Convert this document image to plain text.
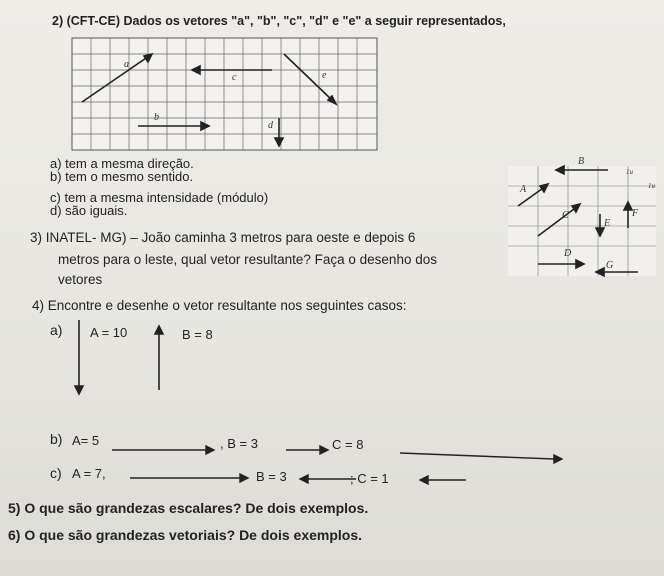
2) (CFT-CE) Dados os vetores "a", "b", "c", "d" e "e" a seguir representados,
a
c	e
b
d
a) tem a mesma direção.
b) tem o mesmo sentido.
c) tem a mesma intensidade (módulo)
d) são iguais.
B
A
C
E
D
F
G
1u
1u
3) INATEL- MG) – João caminha 3 metros para oeste e depois 6
metros para o leste, qual vetor resultante? Faça o desenho dos
vetores
4) Encontre e desenhe o vetor resultante nos seguintes casos:
a) A = 10	B = 8
b) A= 5	, B = 3	C = 8
c) A = 7,	B = 3	; C = 1
5) O que são grandezas escalares? De dois exemplos.
6) O que são grandezas vetoriais? De dois exemplos.
